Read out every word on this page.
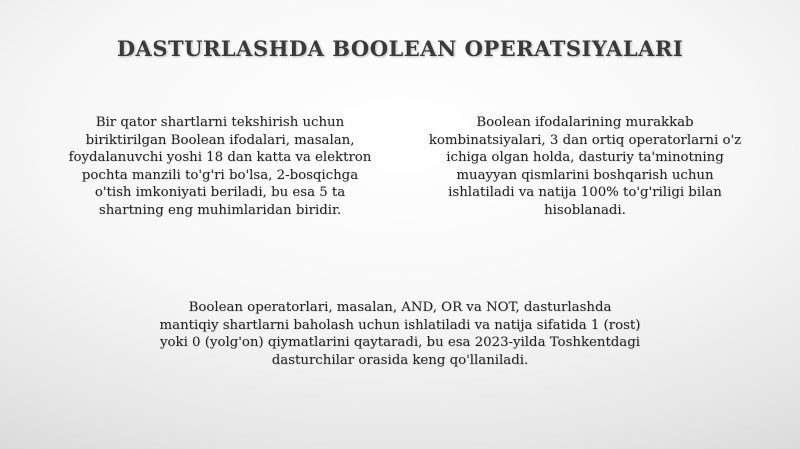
DASTURLASHDA BOOLEAN OPERATSIYALARI
Bir qator shartlarni tekshirish uchun
biriktirilgan Boolean ifodalari, masalan,
foydalanuvchi yoshi 18 dan katta va elektron
pochta manzili to'g'ri bo'lsa, 2-bosqichga
o'tish imkoniyati beriladi, bu esa 5 ta
shartning eng muhimlaridan biridir.
Boolean ifodalarining murakkab
kombinatsiyalari, 3 dan ortiq operatorlarni o'z
ichiga olgan holda, dasturiy ta'minotning
muayyan qismlarini boshqarish uchun
ishlatiladi va natija 100% to'g'riligi bilan
hisoblanadi.
Boolean operatorlari, masalan, AND, OR va NOT, dasturlashda
mantiqiy shartlarni baholash uchun ishlatiladi va natija sifatida 1 (rost)
yoki 0 (yolg'on) qiymatlarini qaytaradi, bu esa 2023-yilda Toshkentdagi
dasturchilar orasida keng qo'llaniladi.
